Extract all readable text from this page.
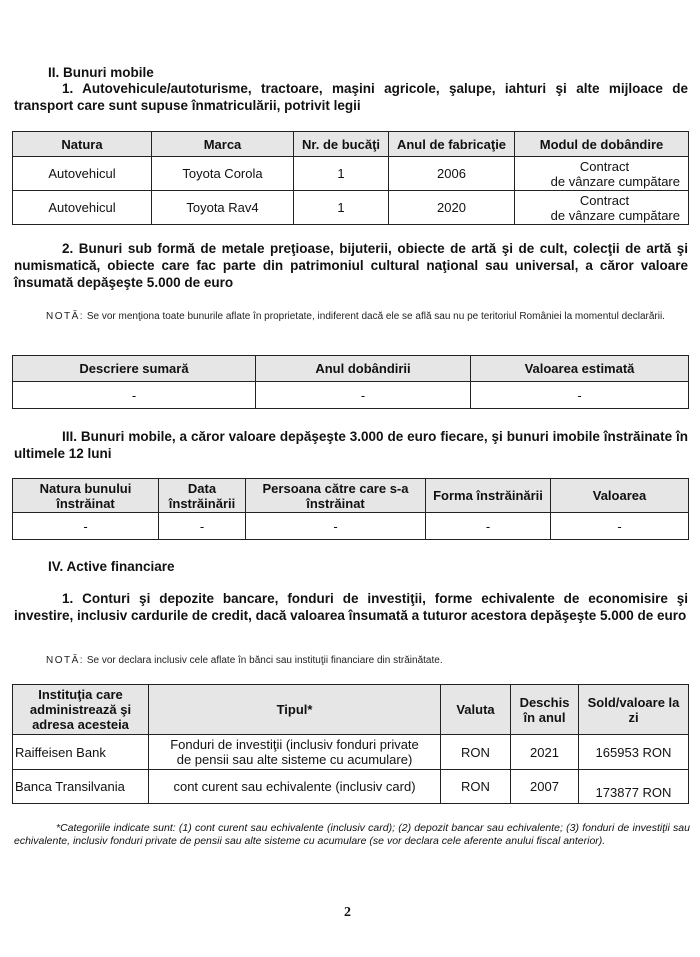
II. Bunuri mobile
1. Autovehicule/autoturisme, tractoare, maşini agricole, şalupe, iahturi şi alte mijloace de transport care sunt supuse înmatriculării, potrivit legii
Natura	Marca	Nr. de bucăţi	Anul de fabricaţie	Modul de dobândire
Autovehicul	Toyota Corola	1	2006	Contract
de vânzare cumpătare

Autovehicul	Toyota Rav4	1	2020	Contract
de vânzare cumpătare
2. Bunuri sub formă de metale preţioase, bijuterii, obiecte de artă şi de cult, colecţii de artă şi numismatică, obiecte care fac parte din patrimoniul cultural naţional sau universal, a căror valoare însumată depăşeşte 5.000 de euro
NOTĂ: Se vor menţiona toate bunurile aflate în proprietate, indiferent dacă ele se află sau nu pe teritoriul României la momentul declarării.
Descriere sumară	Anul dobândirii	Valoarea estimată
-	-	-
III. Bunuri mobile, a căror valoare depăşeşte 3.000 de euro fiecare, şi bunuri imobile înstrăinate în ultimele 12 luni
Natura bunului înstrăinat	Data înstrăinării	Persoana către care s-a înstrăinat	Forma înstrăinării	Valoarea
-	-	-	-	-
IV. Active financiare
1. Conturi şi depozite bancare, fonduri de investiţii, forme echivalente de economisire şi investire, inclusiv cardurile de credit, dacă valoarea însumată a tuturor acestora depăşeşte 5.000 de euro
NOTĂ: Se vor declara inclusiv cele aflate în bănci sau instituţii financiare din străinătate.
Instituţia care administrează şi adresa acesteia	Tipul*	Valuta	Deschis în anul	Sold/valoare la zi
Raiffeisen Bank	Fonduri de investiţii (inclusiv fonduri private
de pensii sau alte sisteme cu acumulare)	RON	2021	165953 RON
Banca Transilvania	cont curent sau echivalente (inclusiv card)	RON	2007	173877 RON
*Categoriile indicate sunt: (1) cont curent sau echivalente (inclusiv card); (2) depozit bancar sau echivalente; (3) fonduri de investiţii sau echivalente, inclusiv fonduri private de pensii sau alte sisteme cu acumulare (se vor declara cele aferente anului fiscal anterior).
2
